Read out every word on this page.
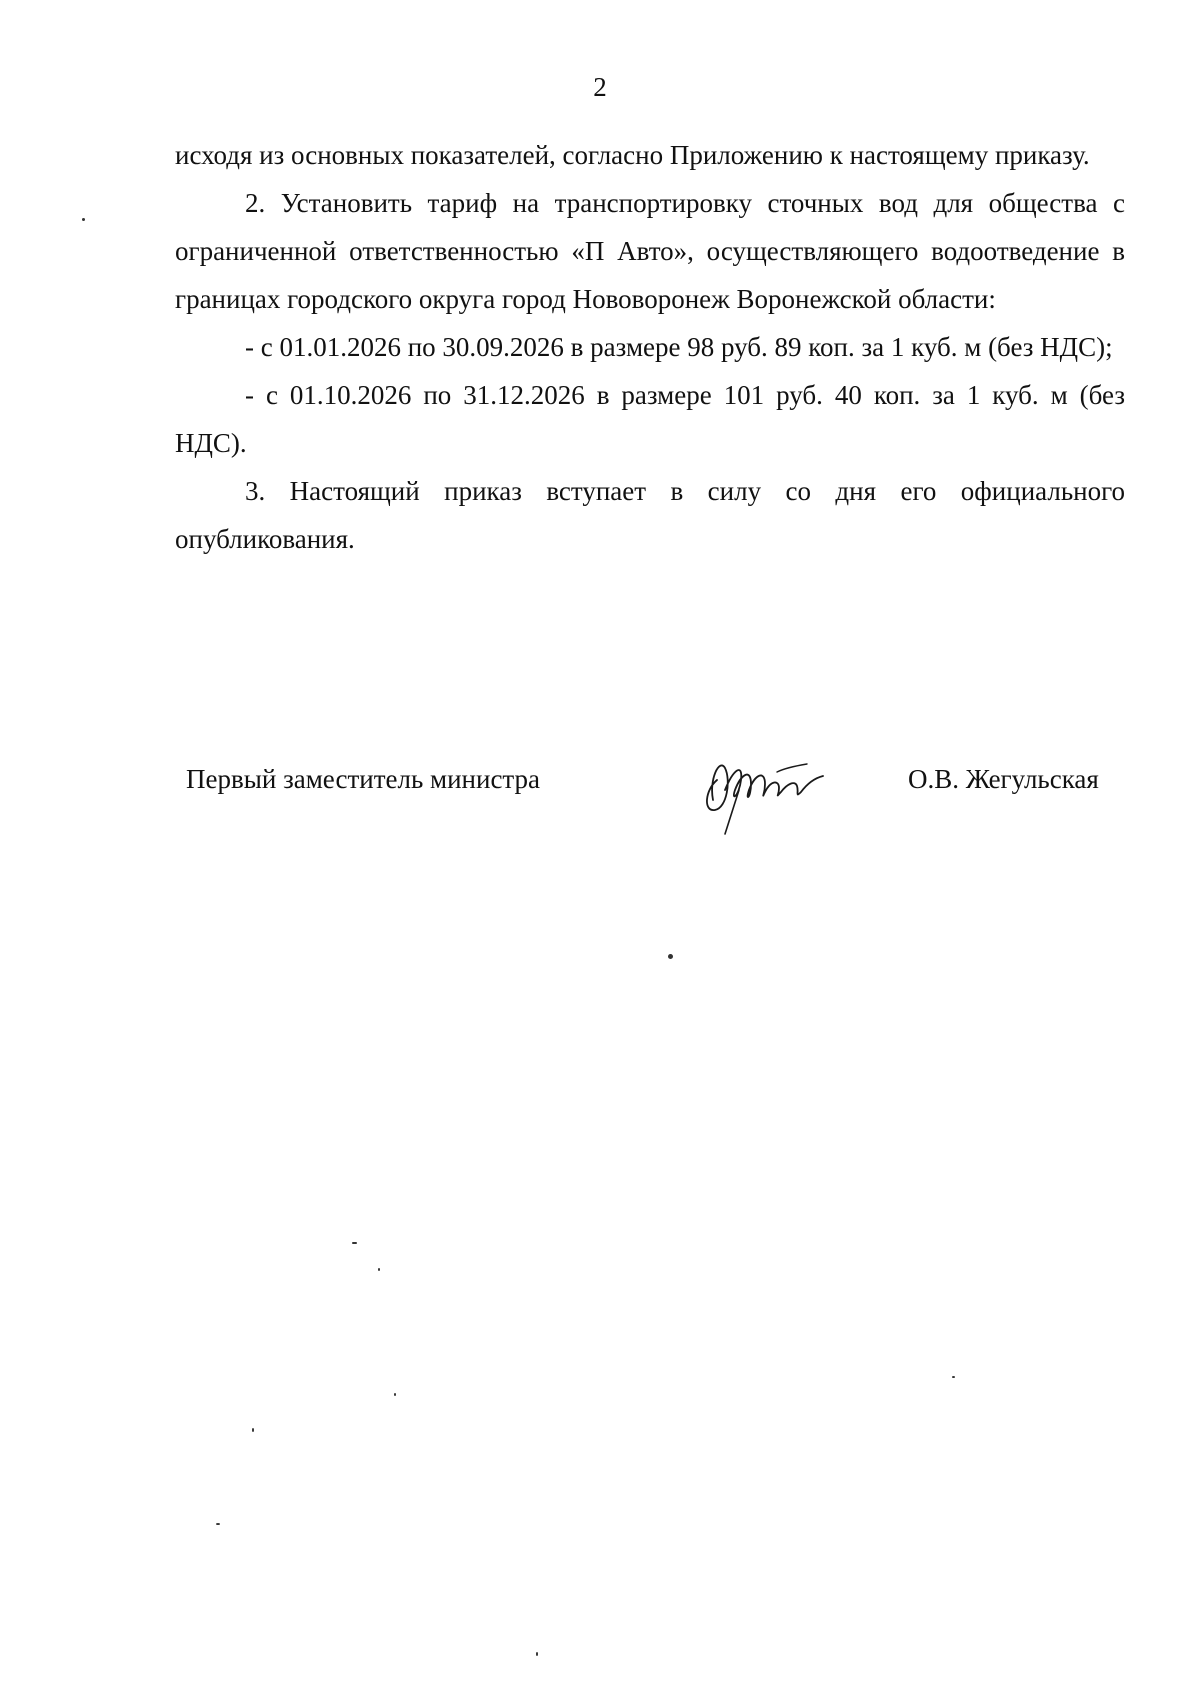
2

исходя из основных показателей, согласно Приложению к настоящему приказу.

2. Установить тариф на транспортировку сточных вод для общества с ограниченной ответственностью «П Авто», осуществляющего водоотведение в границах городского округа город Нововоронеж Воронежской области:

- с 01.01.2026 по 30.09.2026 в размере 98 руб. 89 коп. за 1 куб. м (без НДС);

- с 01.10.2026 по 31.12.2026 в размере 101 руб. 40 коп. за 1 куб. м (без НДС).

3. Настоящий приказ вступает в силу со дня его официального опубликования.

Первый заместитель министра	О.В. Жегульская
